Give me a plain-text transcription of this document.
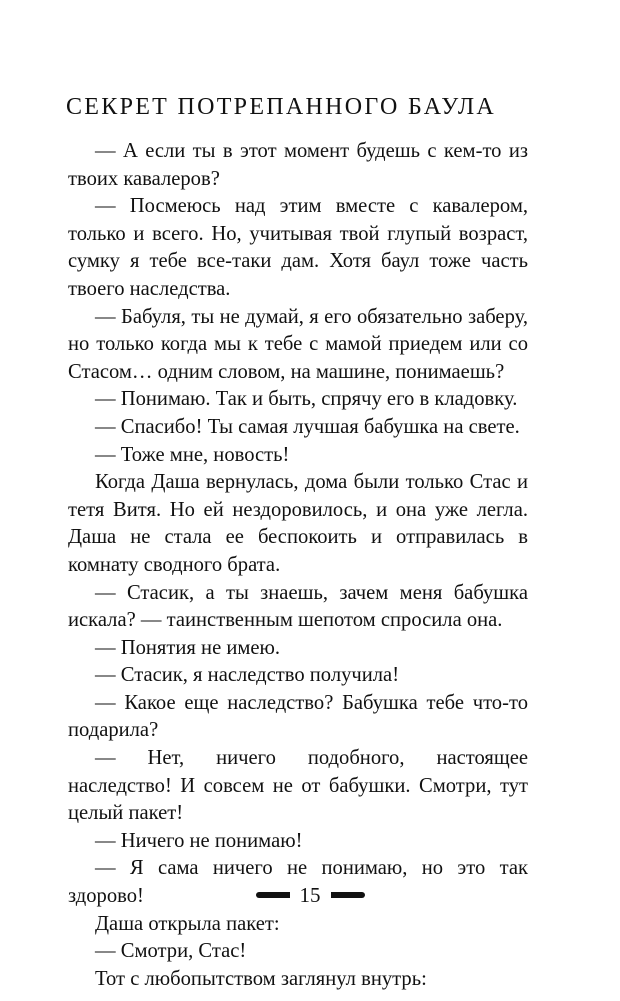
СЕКРЕТ ПОТРЕПАННОГО БАУЛА

— А если ты в этот момент будешь с кем-то из твоих кавалеров?

— Посмеюсь над этим вместе с кавалером, только и всего. Но, учитывая твой глупый возраст, сумку я тебе все-таки дам. Хотя баул тоже часть твоего наследства.

— Бабуля, ты не думай, я его обязательно заберу, но только когда мы к тебе с мамой приедем или со Стасом… одним словом, на машине, понимаешь?

— Понимаю. Так и быть, спрячу его в кладовку.

— Спасибо! Ты самая лучшая бабушка на свете.

— Тоже мне, новость!

Когда Даша вернулась, дома были только Стас и тетя Витя. Но ей нездоровилось, и она уже легла. Даша не стала ее беспокоить и отправилась в комнату сводного брата.

— Стасик, а ты знаешь, зачем меня бабушка искала? — таинственным шепотом спросила она.

— Понятия не имею.

— Стасик, я наследство получила!

— Какое еще наследство? Бабушка тебе что-то подарила?

— Нет, ничего подобного, настоящее наследство! И совсем не от бабушки. Смотри, тут целый пакет!

— Ничего не понимаю!

— Я сама ничего не понимаю, но это так здорово!

Даша открыла пакет:

— Смотри, Стас!

Тот с любопытством заглянул внутрь:

15
